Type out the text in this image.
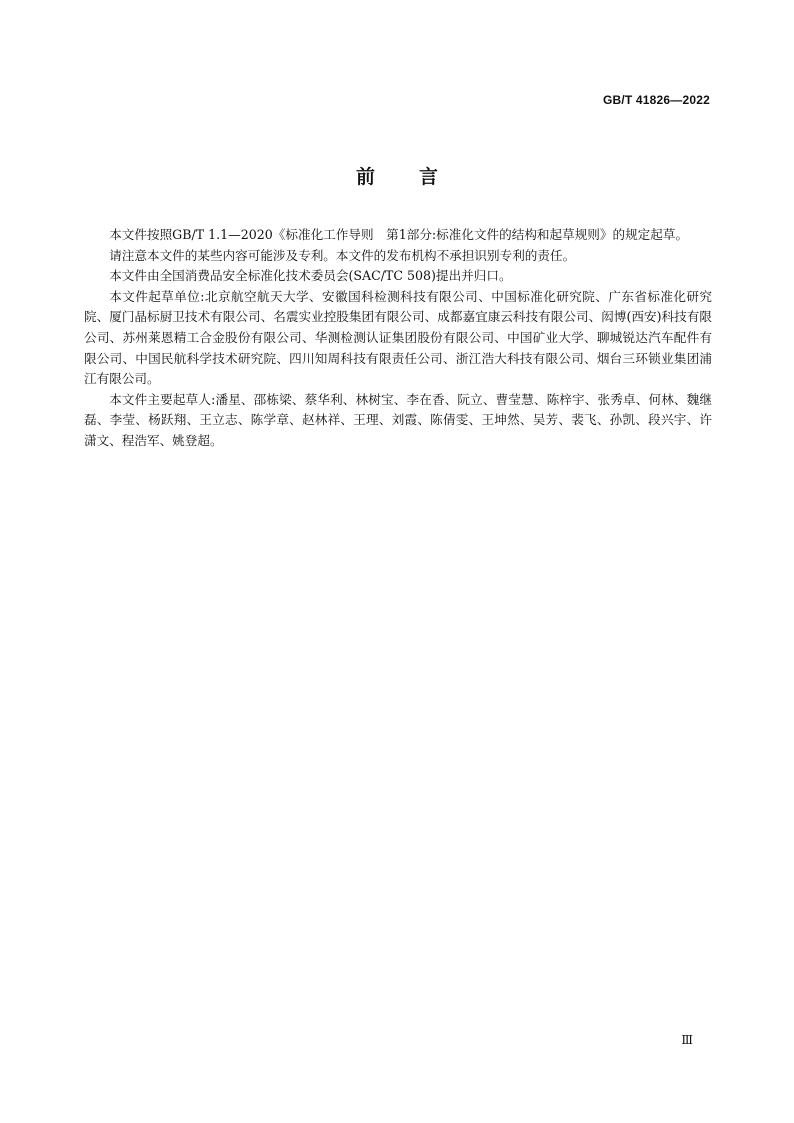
GB/T 41826—2022
前言

本文件按照GB/T 1.1—2020《标准化工作导则　第1部分:标准化文件的结构和起草规则》的规定起草。

请注意本文件的某些内容可能涉及专利。本文件的发布机构不承担识别专利的责任。

本文件由全国消费品安全标准化技术委员会(SAC/TC 508)提出并归口。

本文件起草单位:北京航空航天大学、安徽国科检测科技有限公司、中国标准化研究院、广东省标准化研究院、厦门晶标厨卫技术有限公司、名震实业控股集团有限公司、成都嘉宜康云科技有限公司、闳博(西安)科技有限公司、苏州莱恩精工合金股份有限公司、华测检测认证集团股份有限公司、中国矿业大学、聊城锐达汽车配件有限公司、中国民航科学技术研究院、四川知周科技有限责任公司、浙江浩大科技有限公司、烟台三环锁业集团浦江有限公司。

本文件主要起草人:潘星、邵栋梁、蔡华利、林树宝、李在香、阮立、曹莹慧、陈梓宇、张秀卓、何林、魏继磊、李莹、杨跃翔、王立志、陈学章、赵林祥、王理、刘霞、陈倩雯、王坤然、吴芳、裴飞、孙凯、段兴宇、许潇文、程浩军、姚登超。

Ⅲ
